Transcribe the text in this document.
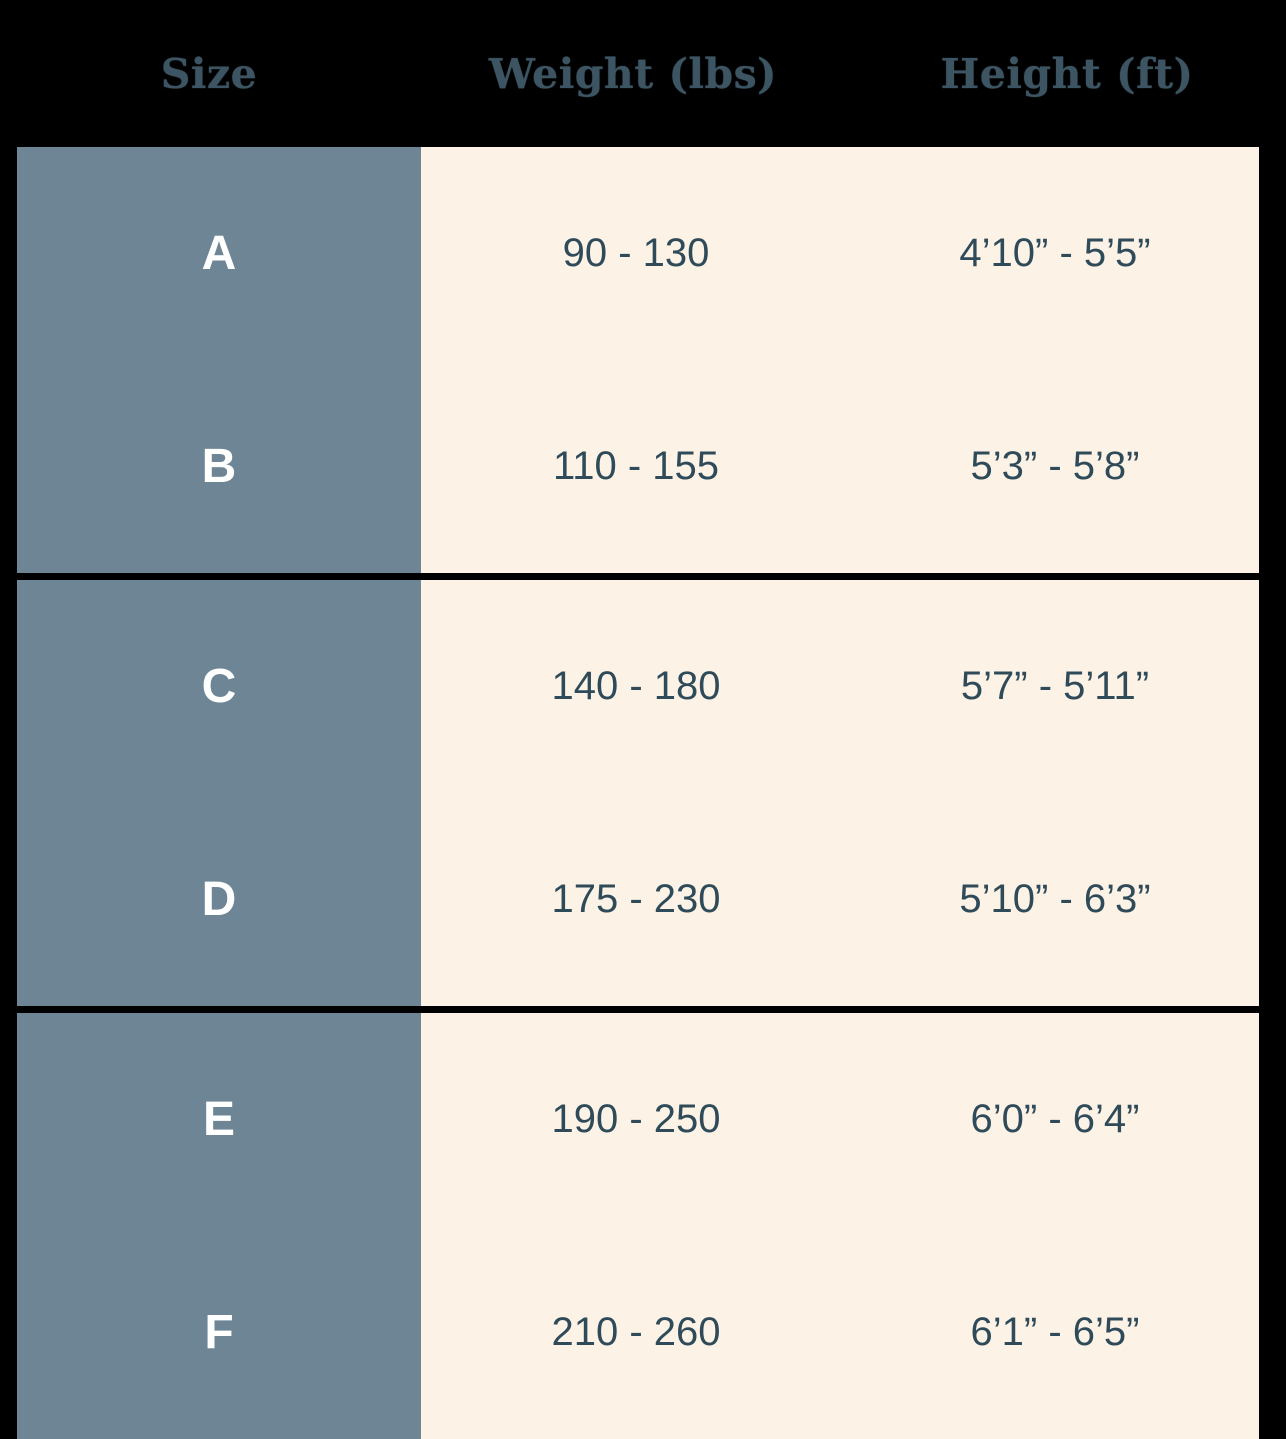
Size	Weight (lbs)	Height (ft)
A	90 - 130	4’10” - 5’5”
B	110 - 155	5’3” - 5’8”
C	140 - 180	5’7” - 5’11”
D	175 - 230	5’10” - 6’3”
E	190 - 250	6’0” - 6’4”
F	210 - 260	6’1” - 6’5”
